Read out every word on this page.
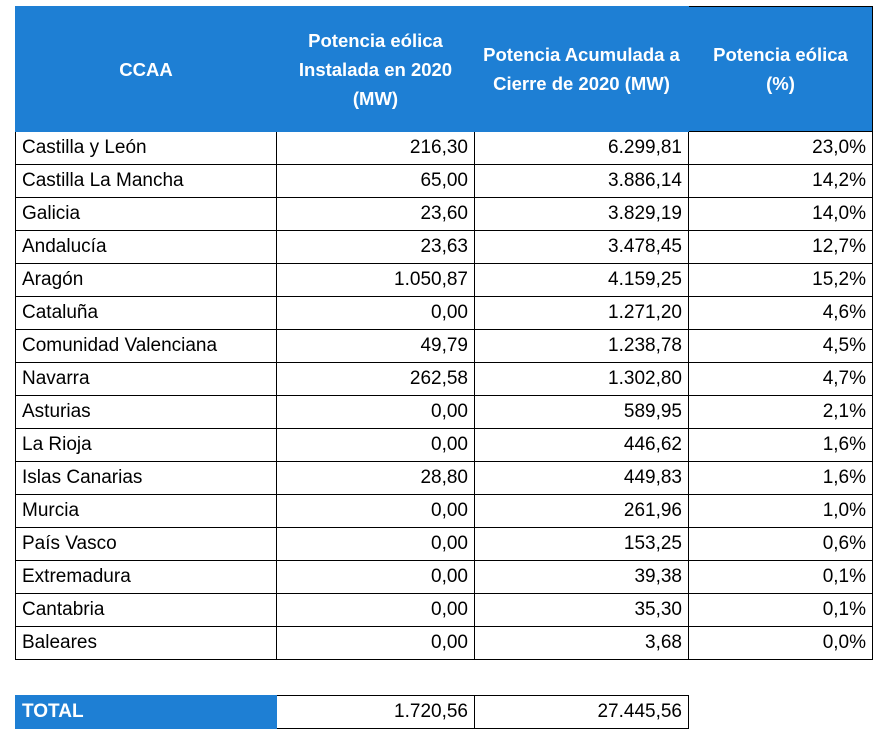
CCAA	Potencia eólica Instalada en 2020 (MW)	Potencia Acumulada a Cierre de 2020 (MW)	Potencia eólica (%)
Castilla y León	216,30	6.299,81	23,0%
Castilla La Mancha	65,00	3.886,14	14,2%
Galicia	23,60	3.829,19	14,0%
Andalucía	23,63	3.478,45	12,7%
Aragón	1.050,87	4.159,25	15,2%
Cataluña	0,00	1.271,20	4,6%
Comunidad Valenciana	49,79	1.238,78	4,5%
Navarra	262,58	1.302,80	4,7%
Asturias	0,00	589,95	2,1%
La Rioja	0,00	446,62	1,6%
Islas Canarias	28,80	449,83	1,6%
Murcia	0,00	261,96	1,0%
País Vasco	0,00	153,25	0,6%
Extremadura	0,00	39,38	0,1%
Cantabria	0,00	35,30	0,1%
Baleares	0,00	3,68	0,0%
TOTAL	1.720,56	27.445,56
